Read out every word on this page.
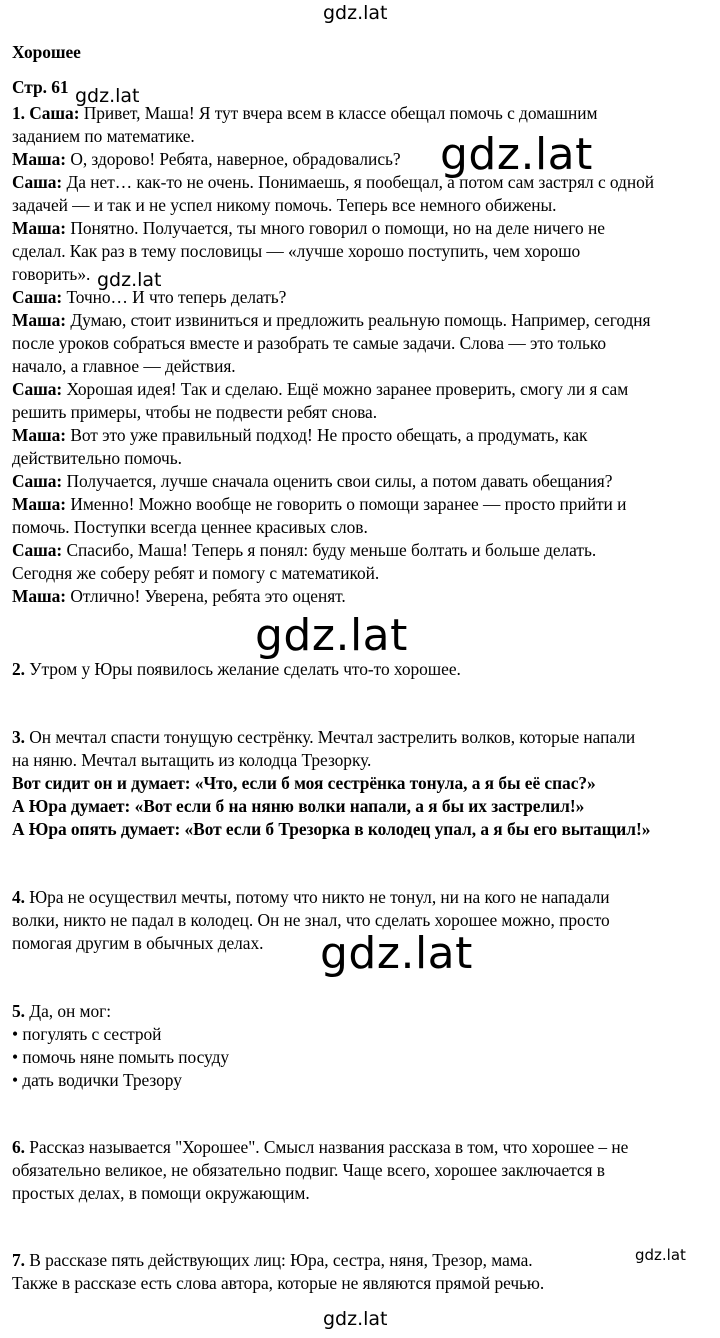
gdz.lat
gdz.lat
gdz.lat
gdz.lat
gdz.lat
gdz.lat
gdz.lat
gdz.lat
Хорошее
Стр. 61
1. Саша: Привет, Маша! Я тут вчера всем в классе обещал помочь с домашним
заданием по математике.
Маша: О, здорово! Ребята, наверное, обрадовались?
Саша: Да нет… как-то не очень. Понимаешь, я пообещал, а потом сам застрял с одной
задачей — и так и не успел никому помочь. Теперь все немного обижены.
Маша: Понятно. Получается, ты много говорил о помощи, но на деле ничего не
сделал. Как раз в тему пословицы — «лучше хорошо поступить, чем хорошо
говорить».
Саша: Точно… И что теперь делать?
Маша: Думаю, стоит извиниться и предложить реальную помощь. Например, сегодня
после уроков собраться вместе и разобрать те самые задачи. Слова — это только
начало, а главное — действия.
Саша: Хорошая идея! Так и сделаю. Ещё можно заранее проверить, смогу ли я сам
решить примеры, чтобы не подвести ребят снова.
Маша: Вот это уже правильный подход! Не просто обещать, а продумать, как
действительно помочь.
Саша: Получается, лучше сначала оценить свои силы, а потом давать обещания?
Маша: Именно! Можно вообще не говорить о помощи заранее — просто прийти и
помочь. Поступки всегда ценнее красивых слов.
Саша: Спасибо, Маша! Теперь я понял: буду меньше болтать и больше делать.
Сегодня же соберу ребят и помогу с математикой.
Маша: Отлично! Уверена, ребята это оценят.
2. Утром у Юры появилось желание сделать что-то хорошее.
3. Он мечтал спасти тонущую сестрёнку. Мечтал застрелить волков, которые напали
на няню. Мечтал вытащить из колодца Трезорку.
Вот сидит он и думает: «Что, если б моя сестрёнка тонула, а я бы её спас?»
А Юра думает: «Вот если б на няню волки напали, а я бы их застрелил!»
А Юра опять думает: «Вот если б Трезорка в колодец упал, а я бы его вытащил!»
4. Юра не осуществил мечты, потому что никто не тонул, ни на кого не нападали
волки, никто не падал в колодец. Он не знал, что сделать хорошее можно, просто
помогая другим в обычных делах.
5. Да, он мог:
• погулять с сестрой
• помочь няне помыть посуду
• дать водички Трезору
6. Рассказ называется "Хорошее". Смысл названия рассказа в том, что хорошее – не
обязательно великое, не обязательно подвиг. Чаще всего, хорошее заключается в
простых делах, в помощи окружающим.
7. В рассказе пять действующих лиц: Юра, сестра, няня, Трезор, мама.
Также в рассказе есть слова автора, которые не являются прямой речью.
